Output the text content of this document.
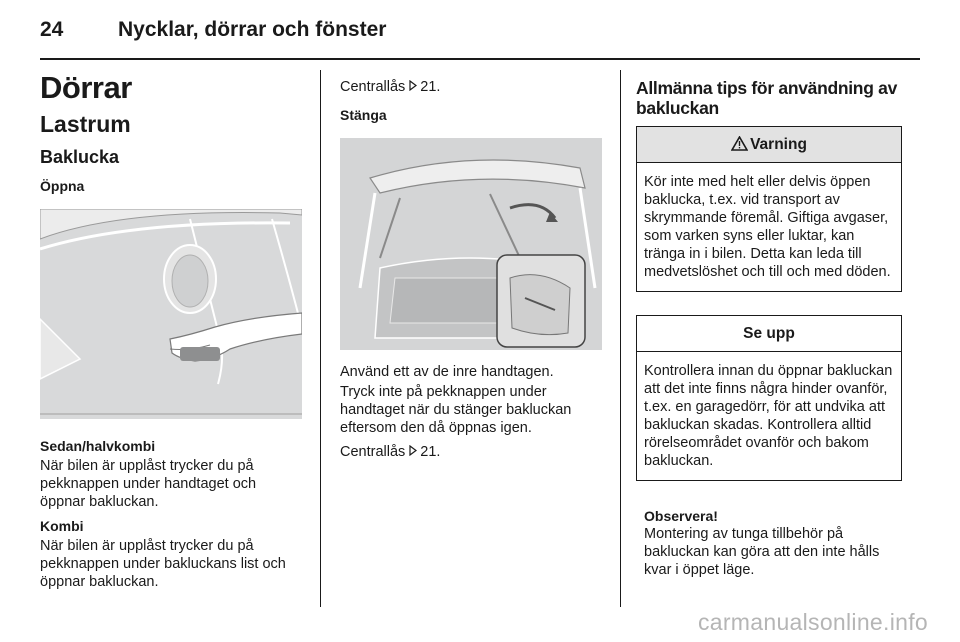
24	Nycklar, dörrar och fönster
Dörrar
Lastrum
Baklucka
Öppna
Sedan/halvkombi
När bilen är upplåst trycker du på pekknappen under handtaget och öppnar bakluckan.
Kombi
När bilen är upplåst trycker du på pekknappen under bakluckans list och öppnar bakluckan.
Centrallås 21.
Stänga
Använd ett av de inre handtagen.
Tryck inte på pekknappen under handtaget när du stänger bakluckan eftersom den då öppnas igen.
Centrallås 21.
Allmänna tips för användning av bakluckan
Varning
Kör inte med helt eller delvis öppen baklucka, t.ex. vid transport av skrymmande föremål. Giftiga avgaser, som varken syns eller luktar, kan tränga in i bilen. Detta kan leda till medvetslöshet och till och med döden.
Se upp
Kontrollera innan du öppnar bakluckan att det inte finns några hinder ovanför, t.ex. en garagedörr, för att undvika att bakluckan skadas. Kontrollera alltid rörelseområdet ovanför och bakom bakluckan.
Observera!
Montering av tunga tillbehör på bakluckan kan göra att den inte hålls kvar i öppet läge.
carmanualsonline.info
